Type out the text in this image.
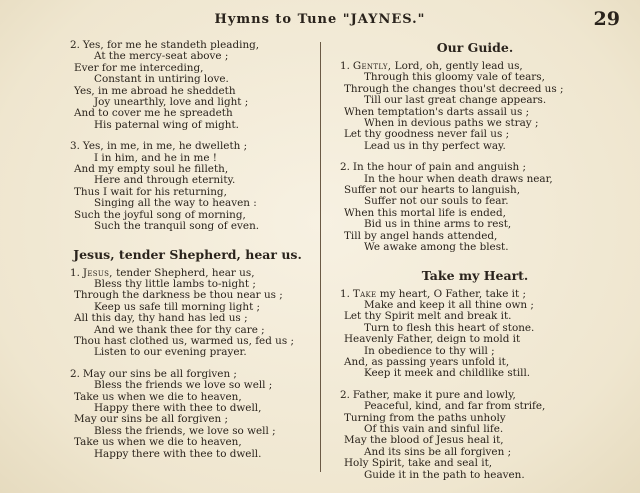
Hymns to Tune "JAYNES."	29
2. Yes, for me he standeth pleading,
At the mercy-seat above ;
Ever for me interceding,
Constant in untiring love.
Yes, in me abroad he sheddeth
Joy unearthly, love and light ;
And to cover me he spreadeth
His paternal wing of might.
3. Yes, in me, in me, he dwelleth ;
I in him, and he in me !
And my empty soul he filleth,
Here and through eternity.
Thus I wait for his returning,
Singing all the way to heaven :
Such the joyful song of morning,
Such the tranquil song of even.
Jesus, tender Shepherd, hear us.
1. Jesus, tender Shepherd, hear us,
Bless thy little lambs to-night ;
Through the darkness be thou near us ;
Keep us safe till morning light ;
All this day, thy hand has led us ;
And we thank thee for thy care ;
Thou hast clothed us, warmed us, fed us ;
Listen to our evening prayer.
2. May our sins be all forgiven ;
Bless the friends we love so well ;
Take us when we die to heaven,
Happy there with thee to dwell,
May our sins be all forgiven ;
Bless the friends, we love so well ;
Take us when we die to heaven,
Happy there with thee to dwell.
Our Guide.
1. Gently, Lord, oh, gently lead us,
Through this gloomy vale of tears,
Through the changes thou'st decreed us ;
Till our last great change appears.
When temptation's darts assail us ;
When in devious paths we stray ;
Let thy goodness never fail us ;
Lead us in thy perfect way.
2. In the hour of pain and anguish ;
In the hour when death draws near,
Suffer not our hearts to languish,
Suffer not our souls to fear.
When this mortal life is ended,
Bid us in thine arms to rest,
Till by angel hands attended,
We awake among the blest.
Take my Heart.
1. Take my heart, O Father, take it ;
Make and keep it all thine own ;
Let thy Spirit melt and break it.
Turn to flesh this heart of stone.
Heavenly Father, deign to mold it
In obedience to thy will ;
And, as passing years unfold it,
Keep it meek and childlike still.
2. Father, make it pure and lowly,
Peaceful, kind, and far from strife,
Turning from the paths unholy
Of this vain and sinful life.
May the blood of Jesus heal it,
And its sins be all forgiven ;
Holy Spirit, take and seal it,
Guide it in the path to heaven.
